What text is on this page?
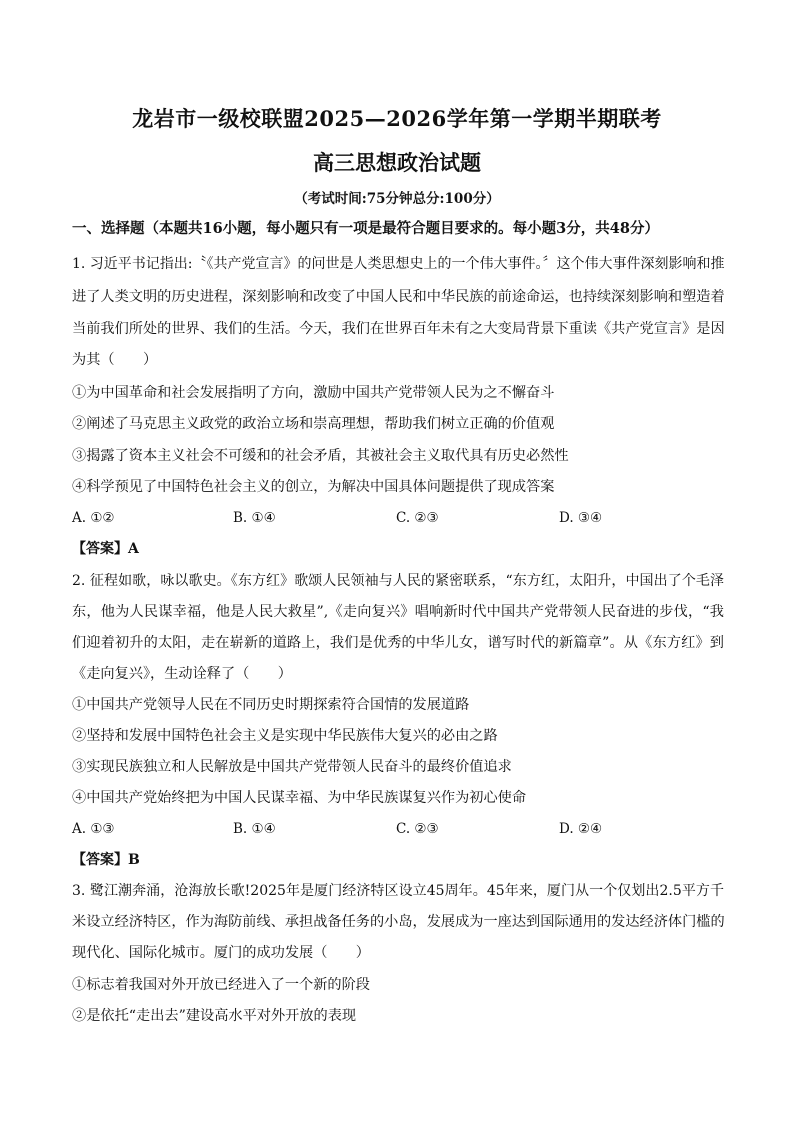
龙岩市一级校联盟2025—2026学年第一学期半期联考
高三思想政治试题
（考试时间:75分钟总分:100分）
一、选择题（本题共16小题，每小题只有一项是最符合题目要求的。每小题3分，共48分）
1. 习近平书记指出:〝《共产党宣言》的问世是人类思想史上的一个伟大事件。〞这个伟大事件深刻影响和推
进了人类文明的历史进程，深刻影响和改变了中国人民和中华民族的前途命运，也持续深刻影响和塑造着
当前我们所处的世界、我们的生活。今天，我们在世界百年未有之大变局背景下重读《共产党宣言》是因
为其（　　）
①为中国革命和社会发展指明了方向，激励中国共产党带领人民为之不懈奋斗
②阐述了马克思主义政党的政治立场和崇高理想，帮助我们树立正确的价值观
③揭露了资本主义社会不可缓和的社会矛盾，其被社会主义取代具有历史必然性
④科学预见了中国特色社会主义的创立，为解决中国具体问题提供了现成答案
A. ①②	B. ①④	C. ②③	D. ③④
【答案】A
2. 征程如歌，咏以歌史。《东方红》歌颂人民领袖与人民的紧密联系，“东方红，太阳升，中国出了个毛泽
东，他为人民谋幸福，他是人民大救星”,《走向复兴》唱响新时代中国共产党带领人民奋进的步伐，“我
们迎着初升的太阳，走在崭新的道路上，我们是优秀的中华儿女，谱写时代的新篇章”。从《东方红》到
《走向复兴》，生动诠释了（　　）
①中国共产党领导人民在不同历史时期探索符合国情的发展道路
②坚持和发展中国特色社会主义是实现中华民族伟大复兴的必由之路
③实现民族独立和人民解放是中国共产党带领人民奋斗的最终价值追求
④中国共产党始终把为中国人民谋幸福、为中华民族谋复兴作为初心使命
A. ①③	B. ①④	C. ②③	D. ②④
【答案】B
3. 鹭江潮奔涌，沧海放长歌!2025年是厦门经济特区设立45周年。45年来，厦门从一个仅划出2.5平方千
米设立经济特区，作为海防前线、承担战备任务的小岛，发展成为一座达到国际通用的发达经济体门槛的
现代化、国际化城市。厦门的成功发展（　　）
①标志着我国对外开放已经进入了一个新的阶段
②是依托“走出去”建设高水平对外开放的表现
